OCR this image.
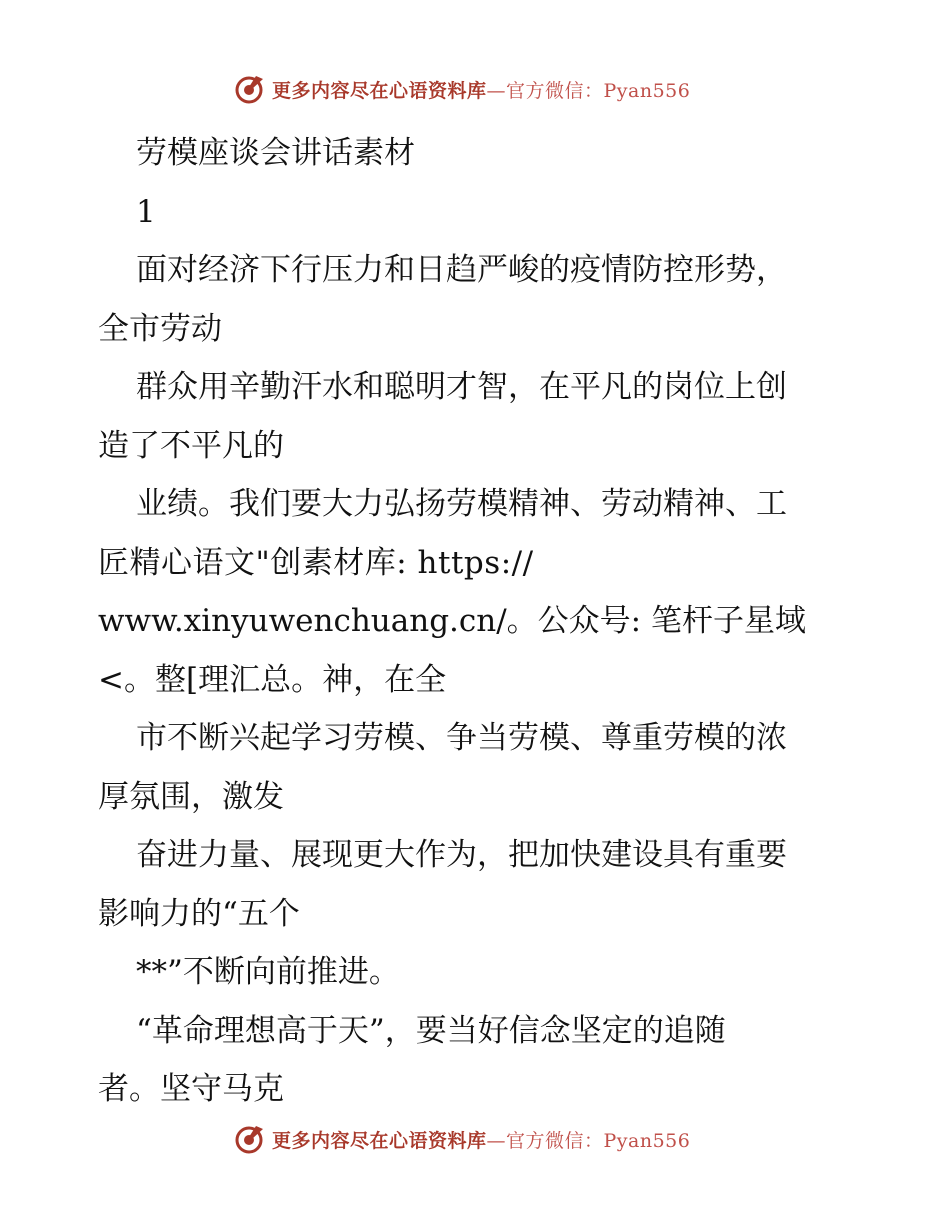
更多内容尽在心语资料库—官方微信：Pyan556
劳模座谈会讲话素材
1
面对经济下行压力和日趋严峻的疫情防控形势，
全市劳动
群众用辛勤汗水和聪明才智，在平凡的岗位上创
造了不平凡的
业绩。我们要大力弘扬劳模精神、劳动精神、工
匠精心语文"创素材库: https://
www.xinyuwenchuang.cn/。公众号: 笔杆子星域
<。整[理汇总。神，在全
市不断兴起学习劳模、争当劳模、尊重劳模的浓
厚氛围，激发
奋进力量、展现更大作为，把加快建设具有重要
影响力的“五个
**”不断向前推进。
“革命理想高于天”，要当好信念坚定的追随
者。坚守马克
更多内容尽在心语资料库—官方微信：Pyan556
